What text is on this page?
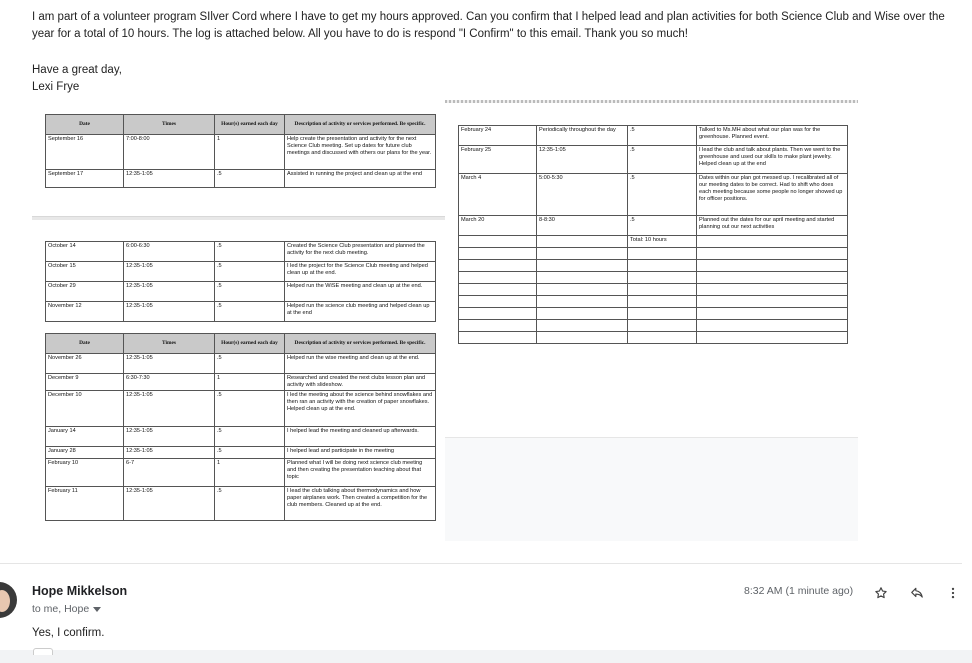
I am part of a volunteer program SIlver Cord where I have to get my hours approved. Can you confirm that I helped lead and plan activities for both Science Club and Wise over the year for a total of 10 hours. The log is attached below. All you have to do is respond "I Confirm" to this email. Thank you so much!

Have a great day,

Lexi Frye

Date	Times	Hour(s) earned each day	Description of activity or services performed. Be specific.
September 16	7:00-8:00	1	Help create the presentation and activity for the next Science Club meeting. Set up dates for future club meetings and discussed with others our plans for the year.
September 17	12:35-1:05	.5	Assisted in running the project and clean up at the end
October 14	6:00-6:30	.5	Created the Science Club presentation and planned the activity for the next club meeting.
October 15	12:35-1:05	.5	I led the project for the Science Club meeting and helped clean up at the end.
October 29	12:35-1:05	.5	Helped run the WiSE meeting and clean up at the end.
November 12	12:35-1:05	.5	Helped run the science club meeting and helped clean up at the end
Date	Times	Hour(s) earned each day	Description of activity or services performed. Be specific.
November 26	12:35-1:05	.5	Helped run the wise meeting and clean up at the end.
December 9	6:30-7:30	1	Researched and created the next clubs lesson plan and activity with slideshow.
December 10	12:35-1:05	.5	I led the meeting about the science behind snowflakes and then ran an activity with the creation of paper snowflakes. Helped clean up at the end.
January 14	12:35-1:05	.5	I helped lead the meeting and cleaned up afterwards.
January 28	12:35-1:05	.5	I helped lead and participate in the meeting
February 10	6-7	1	Planned what I will be doing next science club meeting and then creating the presentation teaching about that topic
February 11	12:35-1:05	.5	I lead the club talking about thermodynamics and how paper airplanes work. Then created a competition for the club members. Cleaned up at the end.
February 24	Periodically throughout the day	.5	Talked to Ms.MH about what our plan was for the greenhouse. Planned event.
February 25	12:35-1:05	.5	I lead the club and talk about plants. Then we went to the greenhouse and used our skills to make plant jewelry. Helped clean up at the end
March 4	5:00-5:30	.5	Dates within our plan got messed up. I recalibrated all of our meeting dates to be correct. Had to shift who does each meeting because some people no longer showed up for officer positions.
March 20	8-8:30	.5	Planned out the dates for our april meeting and started planning out our next activities
		Total: 10 hours	

Hope Mikkelson
to me, Hope
8:32 AM (1 minute ago)
Yes, I confirm.
